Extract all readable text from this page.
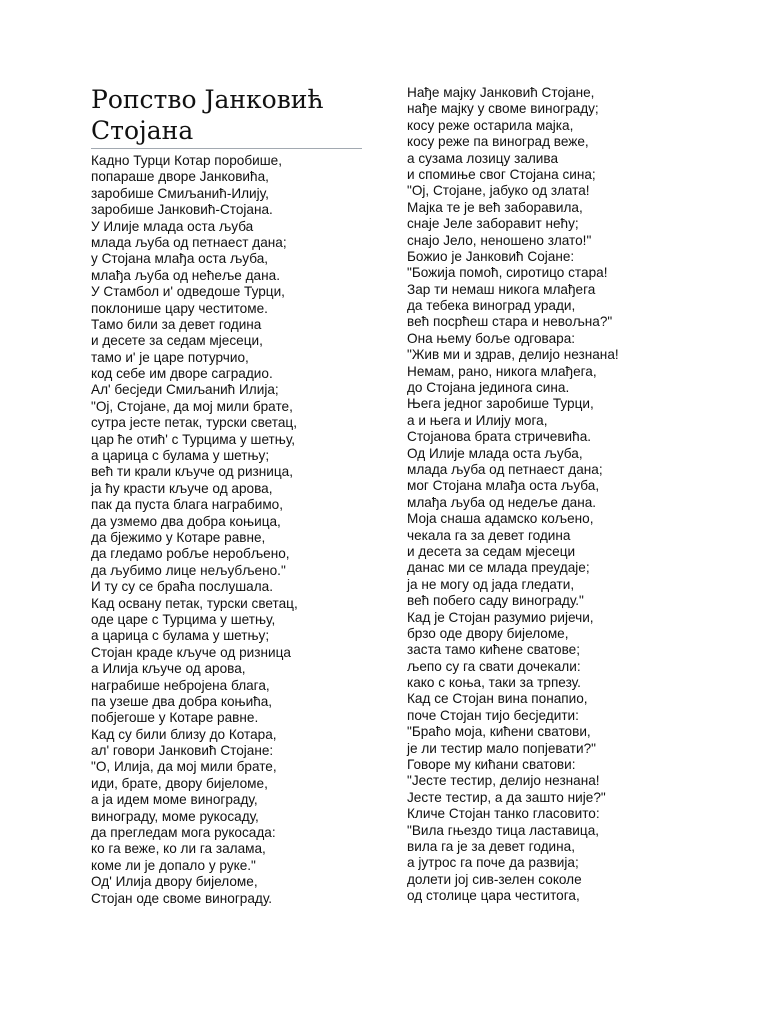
Ропство Јанковић
Стојана
Кадно Турци Котар поробише,
попараше дворе Јанковића,
заробише Смиљанић-Илију,
заробише Јанковић-Стојана.
У Илије млада оста љуба
млада љуба од петнаест дана;
у Стојана млађа оста љуба,
млађа љуба од нећеље дана.
У Стамбол и' одведоше Турци,
поклонише цару честитоме.
Тамо били за девет година
и десете за седам мјесеци,
тамо и' је царе потурчио,
код себе им дворе саградио.
Ал' бесједи Смиљанић Илија;
"Ој, Стојане, да мој мили брате,
сутра јесте петак, турски светац,
цар ће отић' с Турцима у шетњу,
а царица с булама у шетњу;
већ ти крали кључе од ризница,
ја ћу красти кључе од арова,
пак да пуста блага награбимо,
да узмемо два добра коњица,
да бјежимо у Котаре равне,
да гледамо робље неробљено,
да љубимо лице нељубљено."
И ту су се браћа послушала.
Кад осванy петак, турски светац,
оде царе с Турцима у шетњу,
а царица с булама у шетњу;
Стојан краде кључе од ризница
а Илија кључе од арова,
награбише небројена блага,
па узеше два добра коњића,
побјегоше у Котаре равне.
Кад су били близу до Котара,
ал' говори Јанковић Стојане:
"О, Илија, да мој мили брате,
иди, брате, двору бијеломе,
а ја идем моме винограду,
винограду, моме рукосаду,
да прегледам мога рукосада:
ко га веже, ко ли га залама,
коме ли је допало у руке."
Од' Илија двору бијеломе,
Стојан оде своме винограду.
Нађе мајку Јанковић Стојане,
нађе мајку у своме винограду;
косу реже остарила мајка,
косу реже па виноград веже,
а сузама лозицу залива
и спомиње свог Стојана сина;
"Ој, Стојане, јабуко од злата!
Мајка те је већ заборавила,
снаје Јеле заборавит нећу;
снајо Јело, неношено злато!"
Божио је Јанковић Сојане:
"Божија помоћ, сиротицо стара!
Зар ти немаш никога млађега
да тебека виноград уради,
већ посрћеш стара и невољна?"
Она њему боље одговара:
"Жив ми и здрав, делијо незнана!
Немам, рано, никога млађега,
до Стојана јединога сина.
Њега једног заробише Турци,
а и њега и Илију мога,
Стојанова брата стричевића.
Од Илије млада оста љуба,
млада љуба од петнаест дана;
мог Стојана млађа оста љуба,
млађа љуба од недеље дана.
Моја снаша адамско кољено,
чекала га за девет година
и десета за седам мјесеци
данас ми се млада преудаје;
ја не могу од јада гледати,
већ побего саду винограду."
Кад је Стојан разумио ријечи,
брзо оде двору бијеломе,
заста тамо кићене сватове;
љепо су га свати дочекали:
како с коња, таки за трпезу.
Кад се Стојан вина понапио,
поче Стојан тијо бесједити:
"Браћо моја, кићени сватови,
је ли тестир мало попјевати?"
Говоре му кићани сватови:
"Јесте тестир, делијо незнана!
Јесте тестир, а да зашто није?"
Кличе Стојан танко гласовито:
"Вила гњездо тица ластавица,
вила га је за девет година,
а јутрос га поче да развија;
долети јој сив-зелен соколе
од столице цара честитога,
